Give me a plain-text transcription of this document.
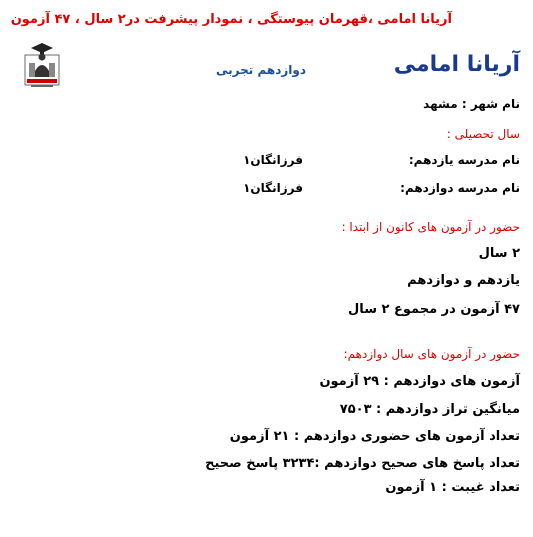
آریانا امامی ،قهرمان پیوستگی ، نمودار پیشرفت در۲ سال ، ۴۷ آزمون
آریانا امامی
دوازدهم تجربی
نام شهر : مشهد
سال تحصیلی :
نام مدرسه یازدهم:
فرزانگان۱
نام مدرسه دوازدهم:
فرزانگان۱
حضور در آزمون های کانون از ابتدا :
۲ سال
یازدهم و دوازدهم
۴۷ آزمون در مجموع ۲ سال
حضور در آزمون های سال دوازدهم:
آزمون های دوازدهم : ۲۹ آزمون
میانگین تراز دوازدهم : ۷۵۰۳
تعداد آزمون های حضوری دوازدهم : ۲۱ آزمون
تعداد پاسخ های صحیح دوازدهم :۳۲۳۴ پاسخ صحیح
تعداد غیبت : ۱ آزمون
